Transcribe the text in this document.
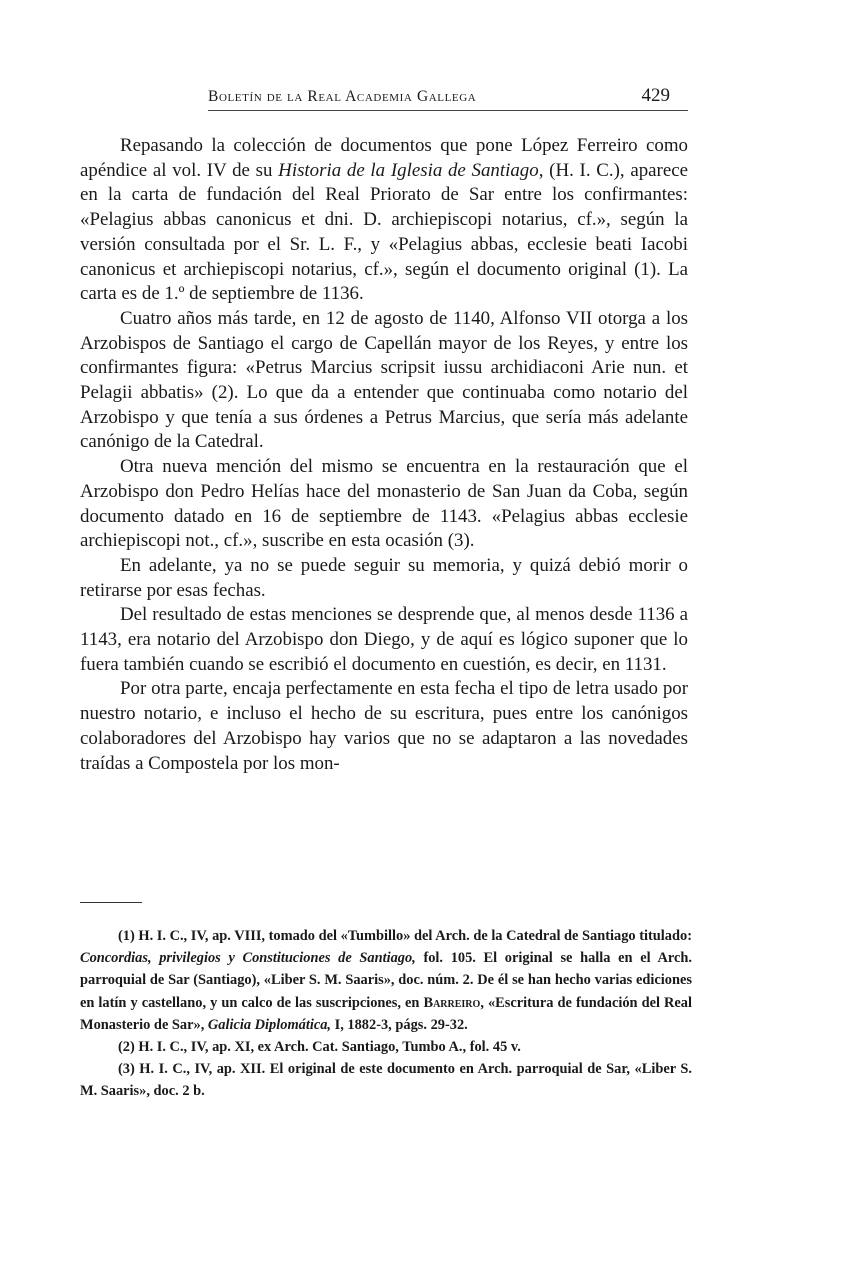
Boletín de la Real Academia Gallega	429

Repasando la colección de documentos que pone López Ferreiro como apéndice al vol. IV de su Historia de la Iglesia de Santiago, (H. I. C.), aparece en la carta de fundación del Real Priorato de Sar entre los confirmantes: «Pelagius abbas canonicus et dni. D. archiepiscopi notarius, cf.», según la versión consultada por el Sr. L. F., y «Pelagius abbas, ecclesie beati Iacobi canonicus et archiepiscopi notarius, cf.», según el documento original (1). La carta es de 1.º de septiembre de 1136.

Cuatro años más tarde, en 12 de agosto de 1140, Alfonso VII otorga a los Arzobispos de Santiago el cargo de Capellán mayor de los Reyes, y entre los confirmantes figura: «Petrus Marcius scripsit iussu archidiaconi Arie nun. et Pelagii abbatis» (2). Lo que da a entender que continuaba como notario del Arzobispo y que tenía a sus órdenes a Petrus Marcius, que sería más adelante canónigo de la Catedral.

Otra nueva mención del mismo se encuentra en la restauración que el Arzobispo don Pedro Helías hace del monasterio de San Juan da Coba, según documento datado en 16 de septiembre de 1143. «Pelagius abbas ecclesie archiepiscopi not., cf.», suscribe en esta ocasión (3).

En adelante, ya no se puede seguir su memoria, y quizá debió morir o retirarse por esas fechas.

Del resultado de estas menciones se desprende que, al menos desde 1136 a 1143, era notario del Arzobispo don Diego, y de aquí es lógico suponer que lo fuera también cuando se escribió el documento en cuestión, es decir, en 1131.

Por otra parte, encaja perfectamente en esta fecha el tipo de letra usado por nuestro notario, e incluso el hecho de su escritura, pues entre los canónigos colaboradores del Arzobispo hay varios que no se adaptaron a las novedades traídas a Compostela por los mon-

(1) H. I. C., IV, ap. VIII, tomado del «Tumbillo» del Arch. de la Catedral de Santiago titulado: Concordias, privilegios y Constituciones de Santiago, fol. 105. El original se halla en el Arch. parroquial de Sar (Santiago), «Liber S. M. Saaris», doc. núm. 2. De él se han hecho varias ediciones en latín y castellano, y un calco de las suscripciones, en Barreiro, «Escritura de fundación del Real Monasterio de Sar», Galicia Diplomática, I, 1882-3, págs. 29-32.

(2) H. I. C., IV, ap. XI, ex Arch. Cat. Santiago, Tumbo A., fol. 45 v.

(3) H. I. C., IV, ap. XII. El original de este documento en Arch. parroquial de Sar, «Liber S. M. Saaris», doc. 2 b.
